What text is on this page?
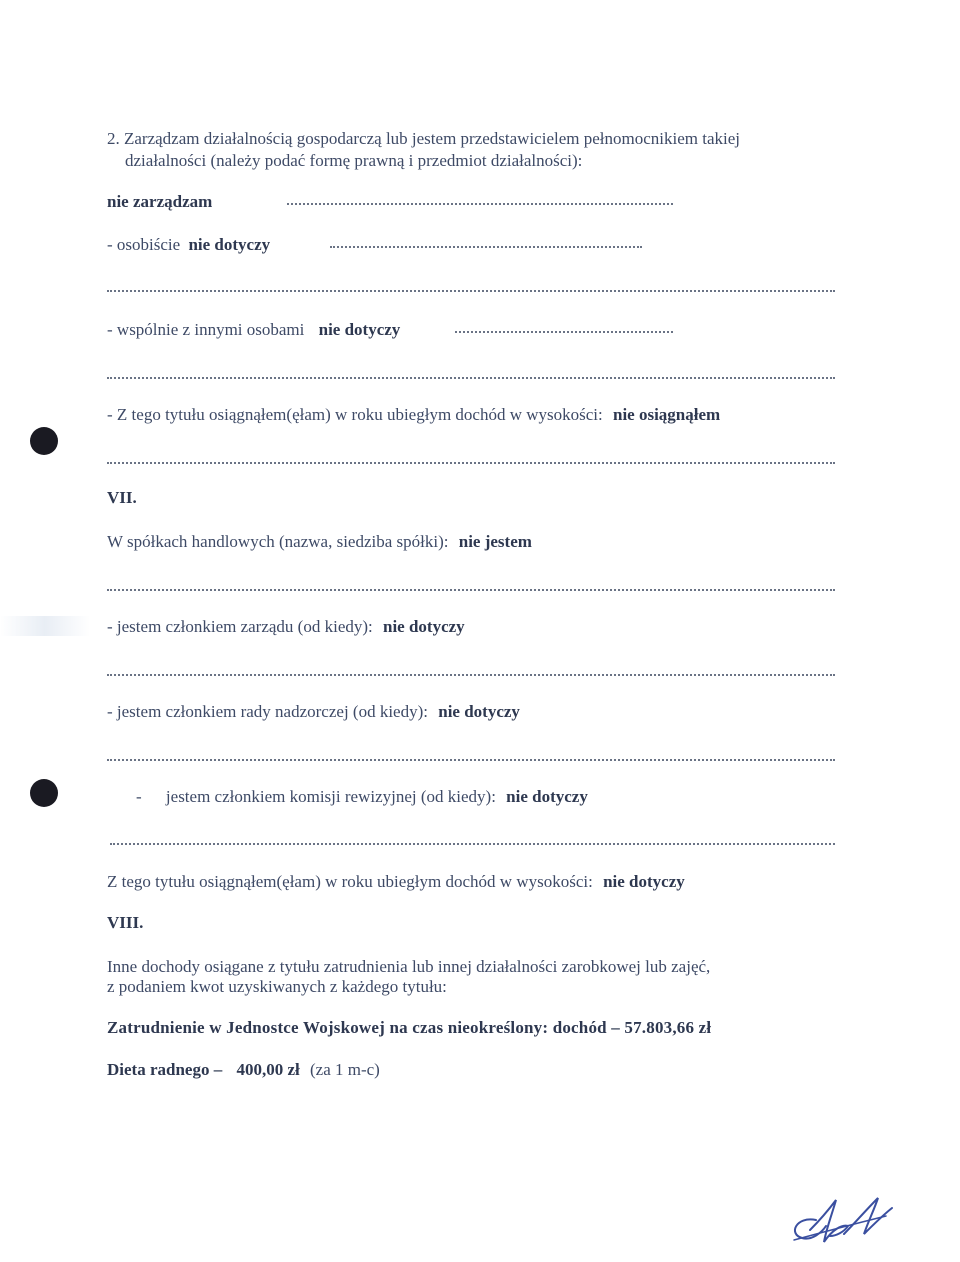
2. Zarządzam działalnością gospodarczą lub jestem przedstawicielem pełnomocnikiem takiej
działalności (należy podać formę prawną i przedmiot działalności):
nie zarządzam
- osobiście nie dotyczy
- wspólnie z innymi osobami nie dotyczy
- Z tego tytułu osiągnąłem(ęłam) w roku ubiegłym dochód w wysokości: nie osiągnąłem
VII.
W spółkach handlowych (nazwa, siedziba spółki): nie jestem
- jestem członkiem zarządu (od kiedy): nie dotyczy
- jestem członkiem rady nadzorczej (od kiedy): nie dotyczy
- jestem członkiem komisji rewizyjnej (od kiedy): nie dotyczy
Z tego tytułu osiągnąłem(ęłam) w roku ubiegłym dochód w wysokości: nie dotyczy
VIII.
Inne dochody osiągane z tytułu zatrudnienia lub innej działalności zarobkowej lub zajęć,
z podaniem kwot uzyskiwanych z każdego tytułu:
Zatrudnienie w Jednostce Wojskowej na czas nieokreślony: dochód – 57.803,66 zł
Dieta radnego – 400,00 zł (za 1 m-c)
